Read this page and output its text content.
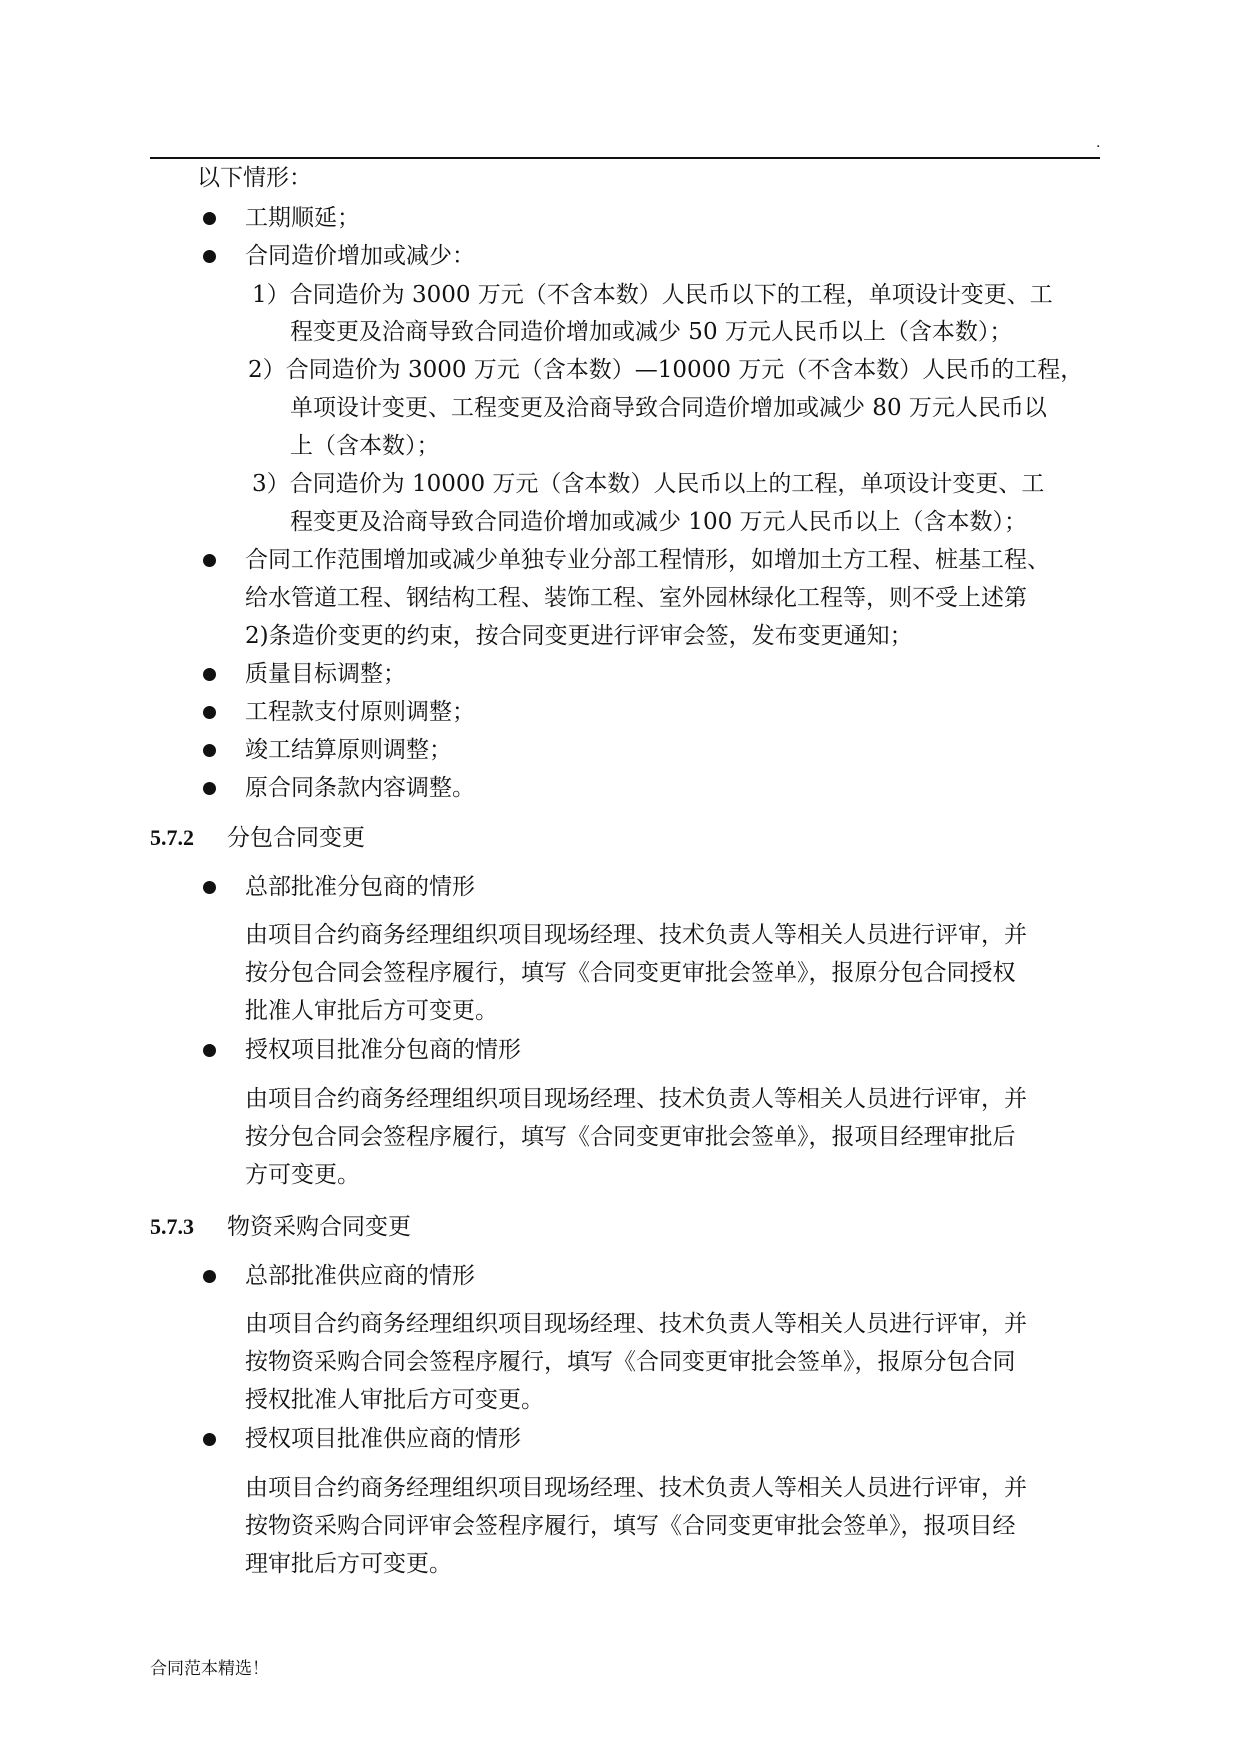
.
以下情形：
工期顺延；
合同造价增加或减少：
1）合同造价为 3000 万元（不含本数）人民币以下的工程，单项设计变更、工
程变更及洽商导致合同造价增加或减少 50 万元人民币以上（含本数）；
2）合同造价为 3000 万元（含本数）—10000 万元（不含本数）人民币的工程，
单项设计变更、工程变更及洽商导致合同造价增加或减少 80 万元人民币以
上（含本数）；
3）合同造价为 10000 万元（含本数）人民币以上的工程，单项设计变更、工
程变更及洽商导致合同造价增加或减少 100 万元人民币以上（含本数）；
合同工作范围增加或减少单独专业分部工程情形，如增加土方工程、桩基工程、
给水管道工程、钢结构工程、装饰工程、室外园林绿化工程等，则不受上述第
2)条造价变更的约束，按合同变更进行评审会签，发布变更通知；
质量目标调整；
工程款支付原则调整；
竣工结算原则调整；
原合同条款内容调整。
5.7.2 分包合同变更
总部批准分包商的情形
由项目合约商务经理组织项目现场经理、技术负责人等相关人员进行评审，并
按分包合同会签程序履行，填写《合同变更审批会签单》，报原分包合同授权
批准人审批后方可变更。
授权项目批准分包商的情形
由项目合约商务经理组织项目现场经理、技术负责人等相关人员进行评审，并
按分包合同会签程序履行，填写《合同变更审批会签单》，报项目经理审批后
方可变更。
5.7.3 物资采购合同变更
总部批准供应商的情形
由项目合约商务经理组织项目现场经理、技术负责人等相关人员进行评审，并
按物资采购合同会签程序履行，填写《合同变更审批会签单》，报原分包合同
授权批准人审批后方可变更。
授权项目批准供应商的情形
由项目合约商务经理组织项目现场经理、技术负责人等相关人员进行评审，并
按物资采购合同评审会签程序履行，填写《合同变更审批会签单》，报项目经
理审批后方可变更。
合同范本精选！
